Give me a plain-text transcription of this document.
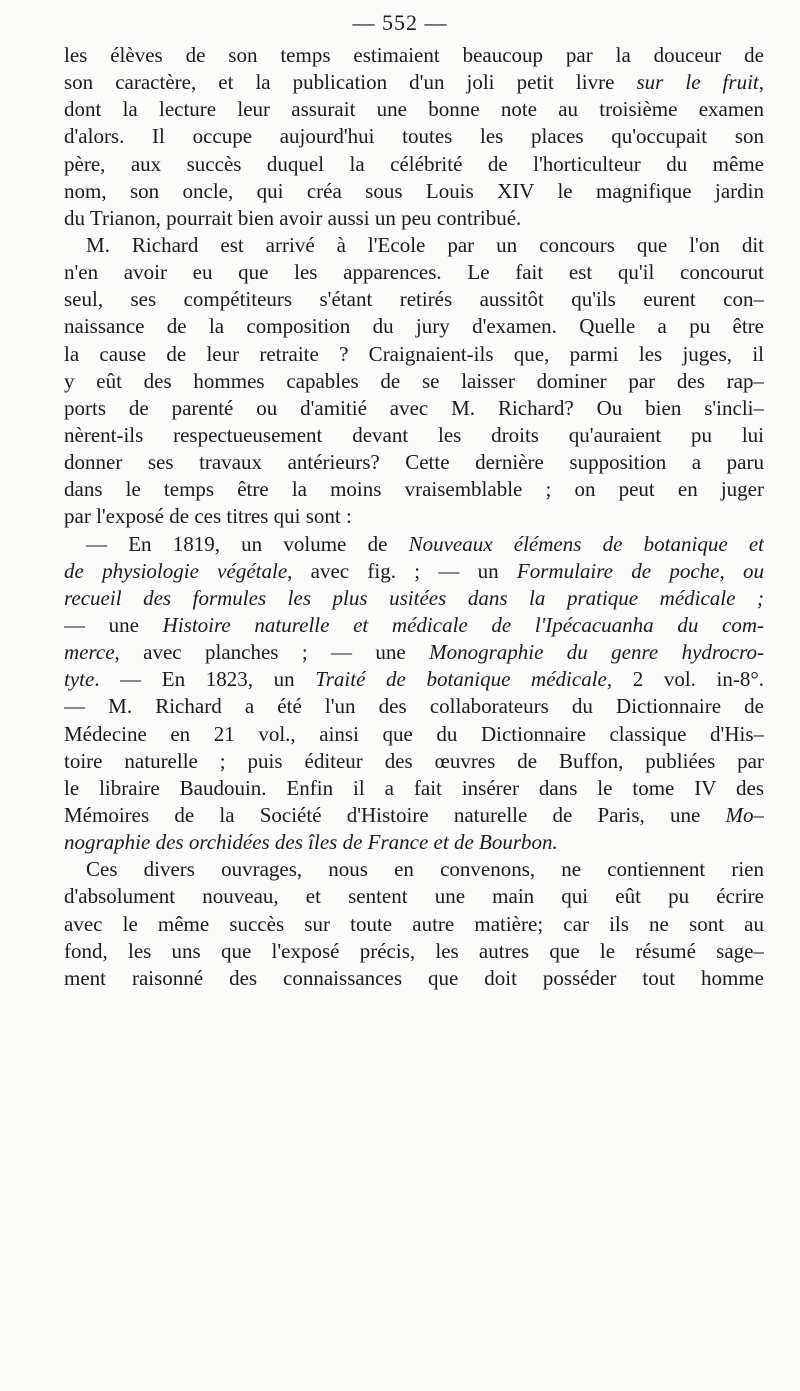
— 552 —
les élèves de son temps estimaient beaucoup par la douceur de
son caractère, et la publication d'un joli petit livre sur le fruit,
dont la lecture leur assurait une bonne note au troisième examen
d'alors. Il occupe aujourd'hui toutes les places qu'occupait son
père, aux succès duquel la célébrité de l'horticulteur du même
nom, son oncle, qui créa sous Louis XIV le magnifique jardin
du Trianon, pourrait bien avoir aussi un peu contribué.
M. Richard est arrivé à l'Ecole par un concours que l'on dit
n'en avoir eu que les apparences. Le fait est qu'il concourut
seul, ses compétiteurs s'étant retirés aussitôt qu'ils eurent con–
naissance de la composition du jury d'examen. Quelle a pu être
la cause de leur retraite ? Craignaient-ils que, parmi les juges, il
y eût des hommes capables de se laisser dominer par des rap–
ports de parenté ou d'amitié avec M. Richard? Ou bien s'incli–
nèrent-ils respectueusement devant les droits qu'auraient pu lui
donner ses travaux antérieurs? Cette dernière supposition a paru
dans le temps être la moins vraisemblable ; on peut en juger
par l'exposé de ces titres qui sont :
— En 1819, un volume de Nouveaux élémens de botanique et
de physiologie végétale, avec fig. ; — un Formulaire de poche, ou
recueil des formules les plus usitées dans la pratique médicale ;
— une Histoire naturelle et médicale de l'Ipécacuanha du com-
merce, avec planches ; — une Monographie du genre hydrocro-
tyte. — En 1823, un Traité de botanique médicale, 2 vol. in-8°.
— M. Richard a été l'un des collaborateurs du Dictionnaire de
Médecine en 21 vol., ainsi que du Dictionnaire classique d'His–
toire naturelle ; puis éditeur des œuvres de Buffon, publiées par
le libraire Baudouin. Enfin il a fait insérer dans le tome IV des
Mémoires de la Société d'Histoire naturelle de Paris, une Mo–
nographie des orchidées des îles de France et de Bourbon.
Ces divers ouvrages, nous en convenons, ne contiennent rien
d'absolument nouveau, et sentent une main qui eût pu écrire
avec le même succès sur toute autre matière; car ils ne sont au
fond, les uns que l'exposé précis, les autres que le résumé sage–
ment raisonné des connaissances que doit posséder tout homme
